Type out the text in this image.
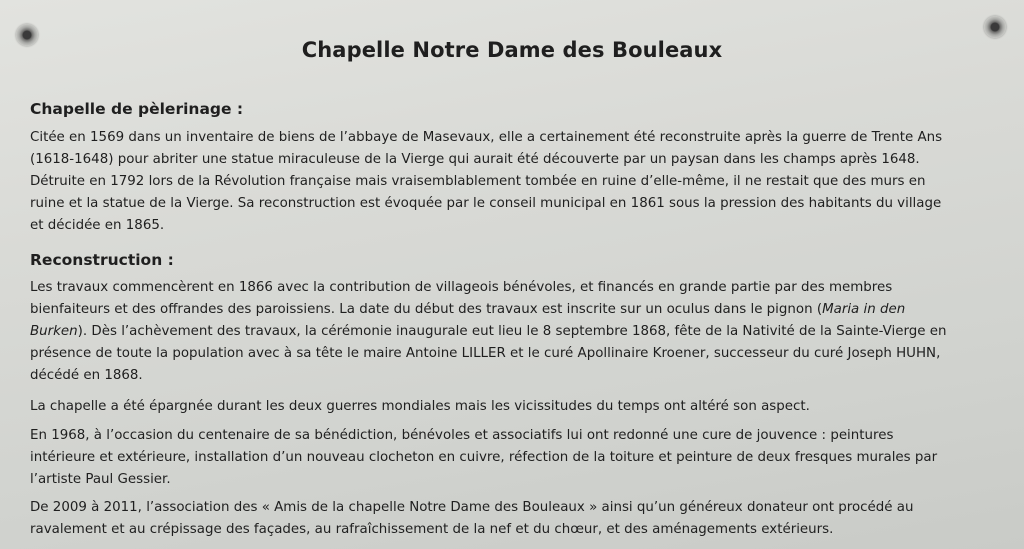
Chapelle Notre Dame des Bouleaux
Chapelle de pèlerinage :
Citée en 1569 dans un inventaire de biens de l’abbaye de Masevaux, elle a certainement été reconstruite après la guerre de Trente Ans
(1618-1648) pour abriter une statue miraculeuse de la Vierge qui aurait été découverte par un paysan dans les champs après 1648.
Détruite en 1792 lors de la Révolution française mais vraisemblablement tombée en ruine d’elle-même, il ne restait que des murs en
ruine et la statue de la Vierge. Sa reconstruction est évoquée par le conseil municipal en 1861 sous la pression des habitants du village
et décidée en 1865.
Reconstruction :
Les travaux commencèrent en 1866 avec la contribution de villageois bénévoles, et financés en grande partie par des membres
bienfaiteurs et des offrandes des paroissiens. La date du début des travaux est inscrite sur un oculus dans le pignon (Maria in den
Burken). Dès l’achèvement des travaux, la cérémonie inaugurale eut lieu le 8 septembre 1868, fête de la Nativité de la Sainte-Vierge en
présence de toute la population avec à sa tête le maire Antoine LILLER et le curé Apollinaire Kroener, successeur du curé Joseph HUHN,
décédé en 1868.
La chapelle a été épargnée durant les deux guerres mondiales mais les vicissitudes du temps ont altéré son aspect.
En 1968, à l’occasion du centenaire de sa bénédiction, bénévoles et associatifs lui ont redonné une cure de jouvence : peintures
intérieure et extérieure, installation d’un nouveau clocheton en cuivre, réfection de la toiture et peinture de deux fresques murales par
l’artiste Paul Gessier.
De 2009 à 2011, l’association des « Amis de la chapelle Notre Dame des Bouleaux » ainsi qu’un généreux donateur ont procédé au
ravalement et au crépissage des façades, au rafraîchissement de la nef et du chœur, et des aménagements extérieurs.
